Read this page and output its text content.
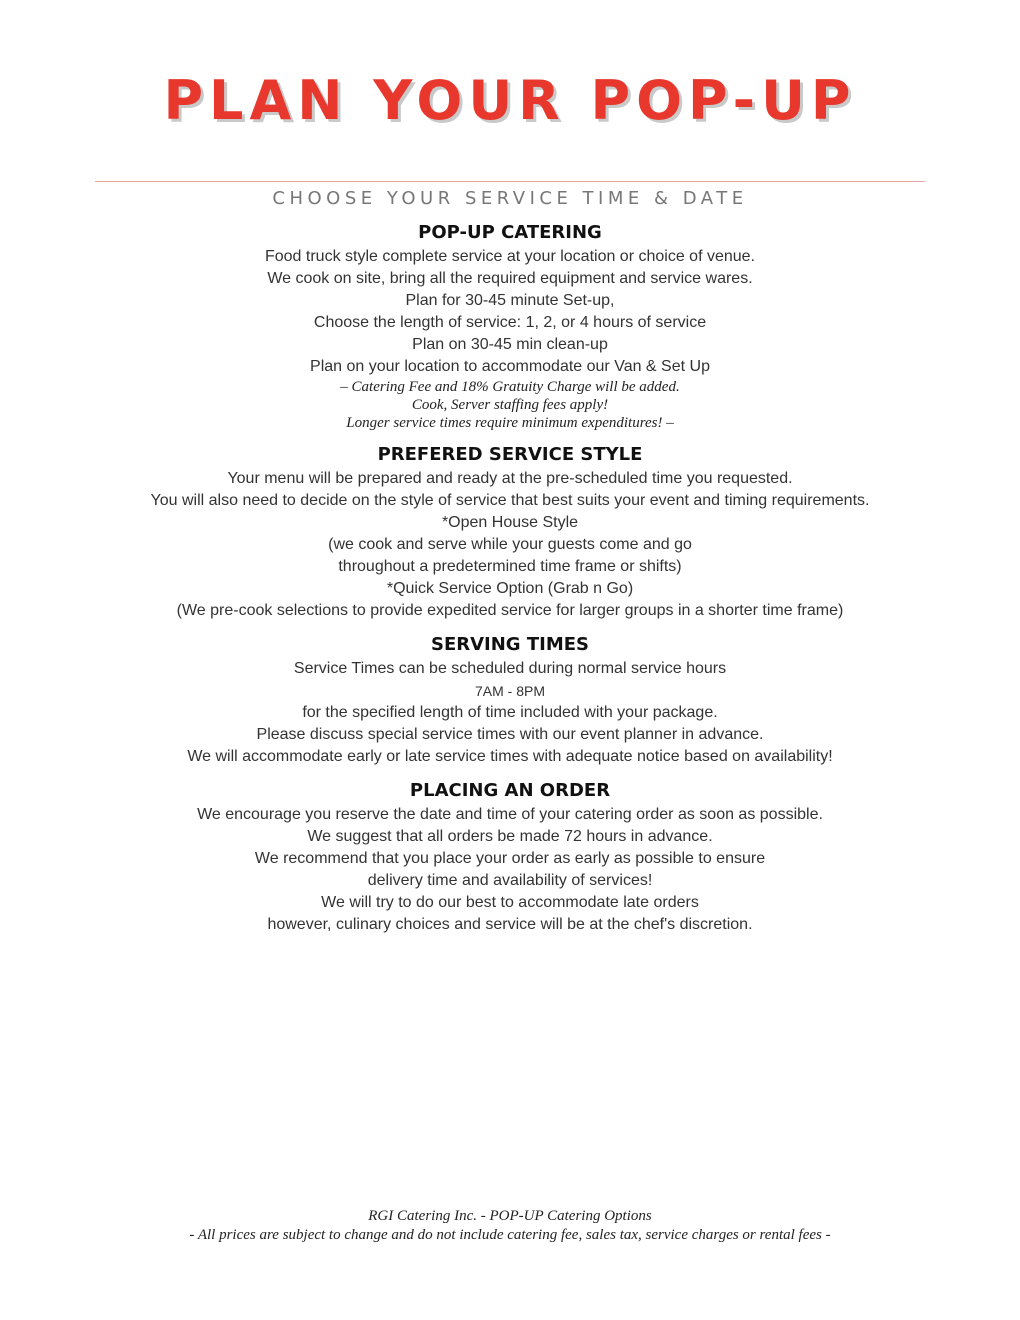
PLAN YOUR POP-UP
CHOOSE YOUR SERVICE TIME & DATE
POP-UP CATERING
Food truck style complete service at your location or choice of venue.
We cook on site, bring all the required equipment and service wares.
Plan for 30-45 minute Set-up,
Choose the length of service: 1, 2, or 4 hours of service
Plan on 30-45 min clean-up
Plan on your location to accommodate our Van & Set Up
– Catering Fee and 18% Gratuity Charge will be added.
Cook, Server staffing fees apply!
Longer service times require minimum expenditures! –
PREFERED SERVICE STYLE
Your menu will be prepared and ready at the pre-scheduled time you requested.
You will also need to decide on the style of service that best suits your event and timing requirements.
*Open House Style
(we cook and serve while your guests come and go
throughout a predetermined time frame or shifts)
*Quick Service Option (Grab n Go)
(We pre-cook selections to provide expedited service for larger groups in a shorter time frame)
SERVING TIMES
Service Times can be scheduled during normal service hours
7AM - 8PM
for the specified length of time included with your package.
Please discuss special service times with our event planner in advance.
We will accommodate early or late service times with adequate notice based on availability!
PLACING AN ORDER
We encourage you reserve the date and time of your catering order as soon as possible.
We suggest that all orders be made 72 hours in advance.
We recommend that you place your order as early as possible to ensure
delivery time and availability of services!
We will try to do our best to accommodate late orders
however, culinary choices and service will be at the chef's discretion.
RGI Catering Inc. - POP-UP Catering Options
- All prices are subject to change and do not include catering fee, sales tax, service charges or rental fees -
